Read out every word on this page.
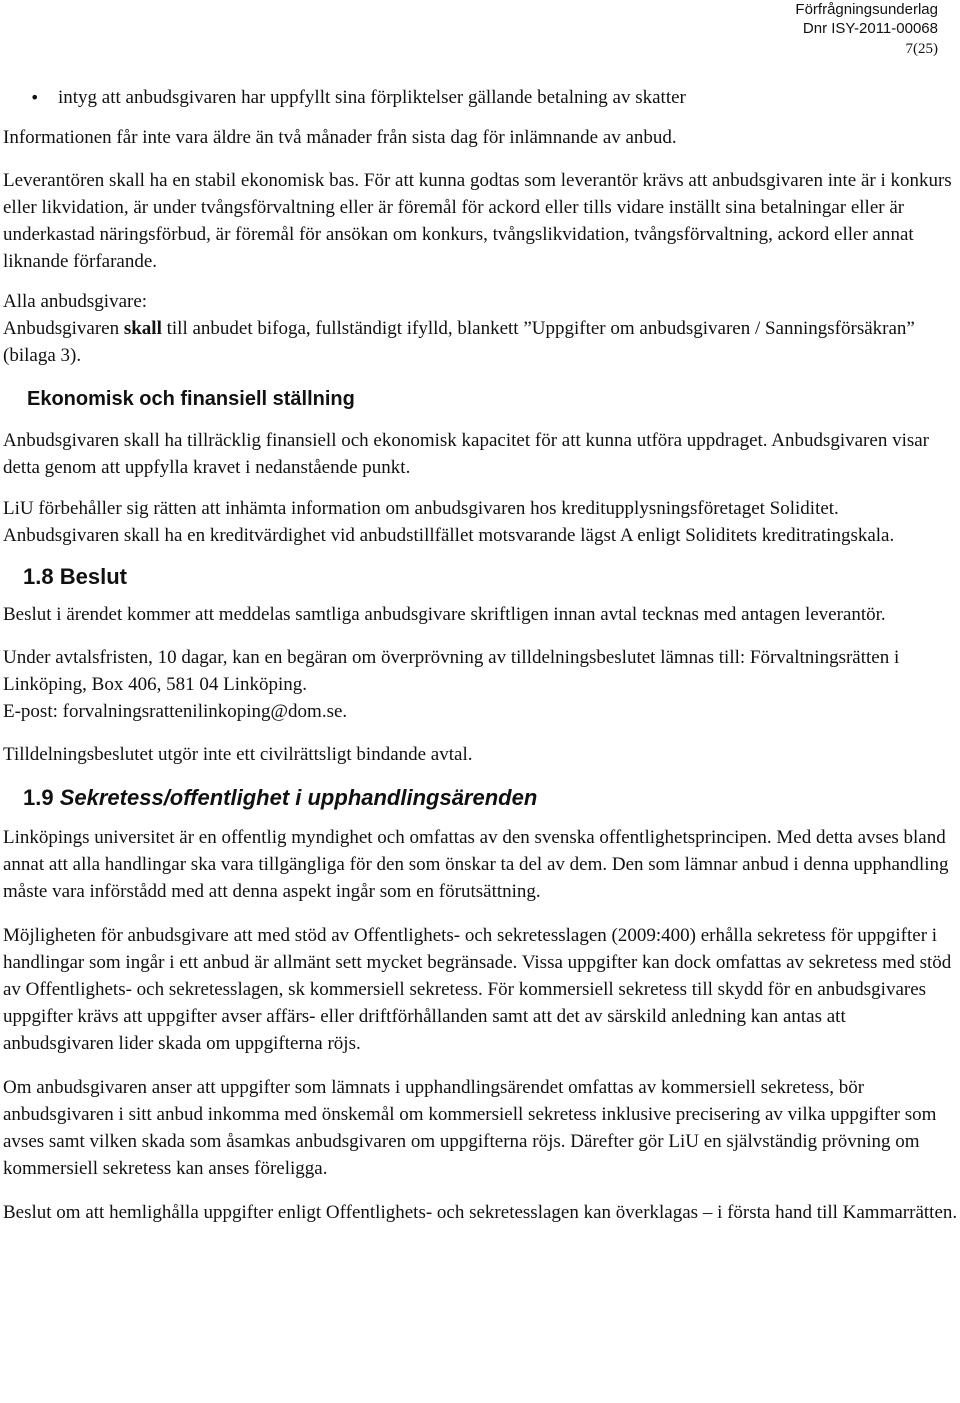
Förfrågningsunderlag
Dnr ISY-2011-00068
7(25)
• intyg att anbudsgivaren har uppfyllt sina förpliktelser gällande betalning av skatter

Informationen får inte vara äldre än två månader från sista dag för inlämnande av anbud.

Leverantören skall ha en stabil ekonomisk bas. För att kunna godtas som leverantör krävs att anbudsgivaren inte är i konkurs eller likvidation, är under tvångsförvaltning eller är föremål för ackord eller tills vidare inställt sina betalningar eller är underkastad näringsförbud, är föremål för ansökan om konkurs, tvångslikvidation, tvångsförvaltning, ackord eller annat liknande förfarande.

Alla anbudsgivare:
Anbudsgivaren skall till anbudet bifoga, fullständigt ifylld, blankett ”Uppgifter om anbudsgivaren / Sanningsförsäkran” (bilaga 3).

Ekonomisk och finansiell ställning

Anbudsgivaren skall ha tillräcklig finansiell och ekonomisk kapacitet för att kunna utföra uppdraget. Anbudsgivaren visar detta genom att uppfylla kravet i nedanstående punkt.

LiU förbehåller sig rätten att inhämta information om anbudsgivaren hos kreditupplysningsföretaget Soliditet. Anbudsgivaren skall ha en kreditvärdighet vid anbudstillfället motsvarande lägst A enligt Soliditets kreditratingskala.

1.8 Beslut

Beslut i ärendet kommer att meddelas samtliga anbudsgivare skriftligen innan avtal tecknas med antagen leverantör.

Under avtalsfristen, 10 dagar, kan en begäran om överprövning av tilldelningsbeslutet lämnas till: Förvaltningsrätten i Linköping, Box 406, 581 04 Linköping.
E-post: forvalningsrattenilinkoping@dom.se.

Tilldelningsbeslutet utgör inte ett civilrättsligt bindande avtal.

1.9 Sekretess/offentlighet i upphandlingsärenden

Linköpings universitet är en offentlig myndighet och omfattas av den svenska offentlighetsprincipen. Med detta avses bland annat att alla handlingar ska vara tillgängliga för den som önskar ta del av dem. Den som lämnar anbud i denna upphandling måste vara införstådd med att denna aspekt ingår som en förutsättning.

Möjligheten för anbudsgivare att med stöd av Offentlighets- och sekretesslagen (2009:400) erhålla sekretess för uppgifter i handlingar som ingår i ett anbud är allmänt sett mycket begränsade. Vissa uppgifter kan dock omfattas av sekretess med stöd av Offentlighets- och sekretesslagen, sk kommersiell sekretess. För kommersiell sekretess till skydd för en anbudsgivares uppgifter krävs att uppgifter avser affärs- eller driftförhållanden samt att det av särskild anledning kan antas att anbudsgivaren lider skada om uppgifterna röjs.

Om anbudsgivaren anser att uppgifter som lämnats i upphandlingsärendet omfattas av kommersiell sekretess, bör anbudsgivaren i sitt anbud inkomma med önskemål om kommersiell sekretess inklusive precisering av vilka uppgifter som avses samt vilken skada som åsamkas anbudsgivaren om uppgifterna röjs. Därefter gör LiU en självständig prövning om kommersiell sekretess kan anses föreligga.

Beslut om att hemlighålla uppgifter enligt Offentlighets- och sekretesslagen kan överklagas – i första hand till Kammarrätten.
